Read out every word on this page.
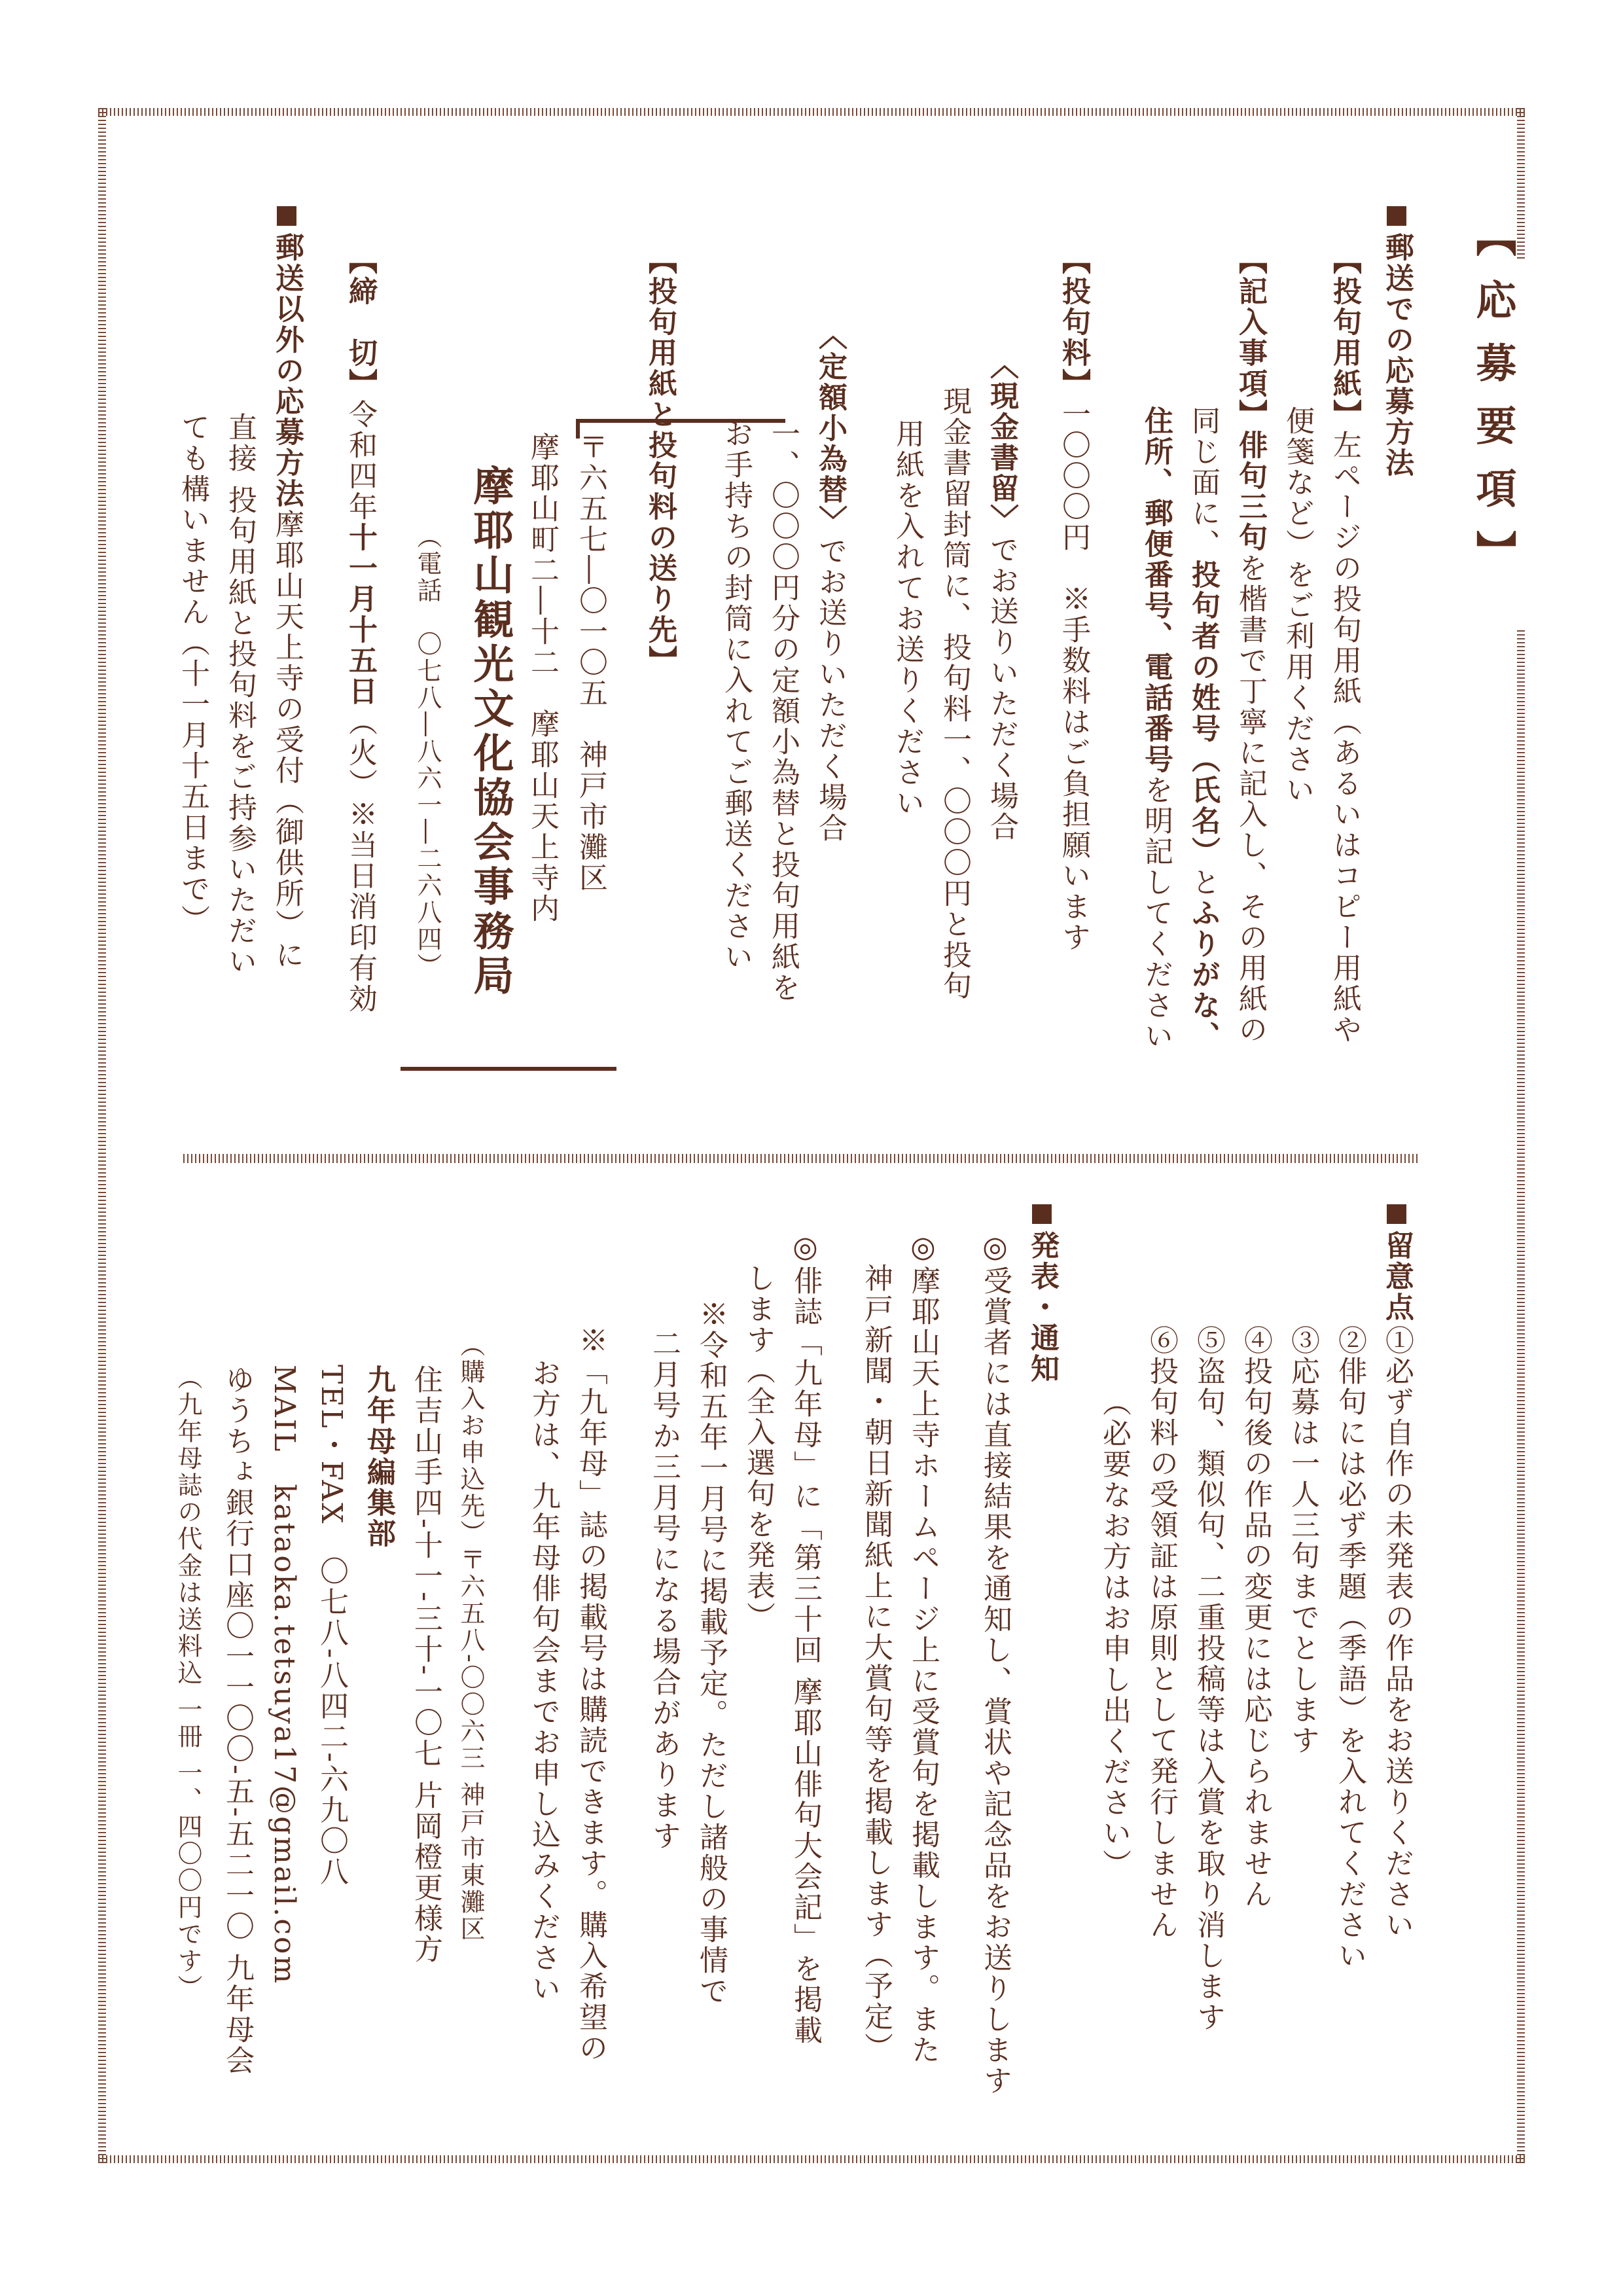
【応募要項】
郵送での応募方法
【投句用紙】左ページの投句用紙（あるいはコピー用紙や
便箋など）をご利用ください
【記入事項】俳句三句を楷書で丁寧に記入し、その用紙の
同じ面に、投句者の姓号（氏名）とふりがな、
住所、郵便番号、電話番号を明記してください
【投句料】一〇〇〇円　※手数料はご負担願います
〈現金書留〉でお送りいただく場合
現金書留封筒に、投句料一、〇〇〇円と投句
用紙を入れてお送りください
〈定額小為替〉でお送りいただく場合
一、〇〇〇円分の定額小為替と投句用紙を
お手持ちの封筒に入れてご郵送ください
【投句用紙と投句料の送り先】
〒六五七―〇一〇五　神戸市灘区
摩耶山町二―十二　摩耶山天上寺内
摩耶山観光文化協会事務局
（電話　〇七八―八六一―二六八四）
【締　切】令和四年十一月十五日（火）※当日消印有効
郵送以外の応募方法摩耶山天上寺の受付（御供所）に
直接 投句用紙と投句料をご持参いただい
ても構いません（十一月十五日まで）
留意点
①必ず自作の未発表の作品をお送りください
②俳句には必ず季題（季語）を入れてください
③応募は一人三句までとします
④投句後の作品の変更には応じられません
⑤盗句、類似句、二重投稿等は入賞を取り消します
⑥投句料の受領証は原則として発行しません
（必要なお方はお申し出ください）
発表・通知
◎受賞者には直接結果を通知し、賞状や記念品をお送りします
◎摩耶山天上寺ホームページ上に受賞句を掲載します。また
神戸新聞・朝日新聞紙上に大賞句等を掲載します（予定）
◎俳誌「九年母」に「第三十回 摩耶山俳句大会記」を掲載
します（全入選句を発表）
※令和五年一月号に掲載予定。ただし諸般の事情で
二月号か三月号になる場合があります
※「九年母」誌の掲載号は購読できます。購入希望の
お方は、九年母俳句会までお申し込みください
（購入お申込先）〒六五八-〇〇六三 神戸市東灘区
住吉山手四-十一-三十-一〇七 片岡橙更様方
九年母編集部
TEL・FAX　〇七八-八四二-六九〇八
MAIL　kataoka.tetsuya17@gmail.com
ゆうちょ銀行口座〇一一〇〇-五-五二一〇 九年母会
（九年母誌の代金は送料込 一冊 一、四〇〇円です）
